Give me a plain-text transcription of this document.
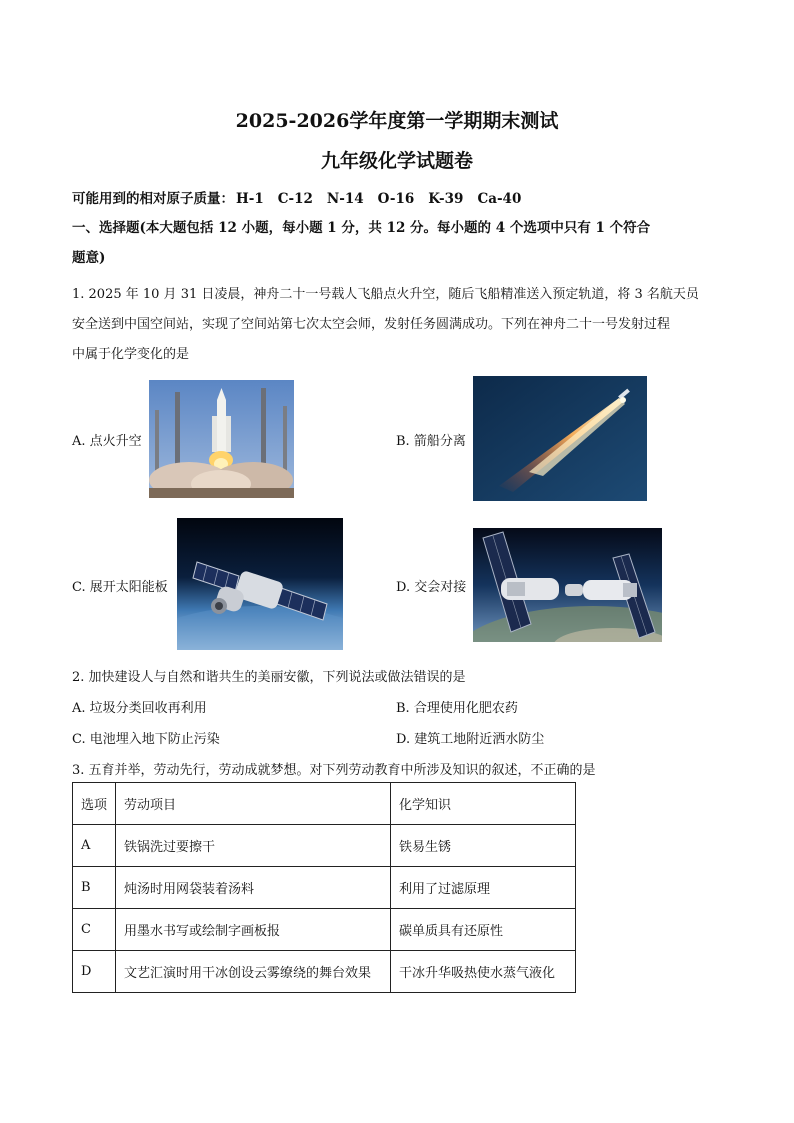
2025-2026学年度第一学期期末测试
九年级化学试题卷
可能用到的相对原子质量： H-1 C-12 N-14 O-16 K-39 Ca-40
一、选择题(本大题包括 12 小题，每小题 1 分，共 12 分。每小题的 4 个选项中只有 1 个符合
题意)
1. 2025 年 10 月 31 日凌晨，神舟二十一号载人飞船点火升空，随后飞船精准送入预定轨道，将 3 名航天员
安全送到中国空间站，实现了空间站第七次太空会师，发射任务圆满成功。下列在神舟二十一号发射过程
中属于化学变化的是
A. 点火升空	B. 箭船分离
C. 展开太阳能板	D. 交会对接
2. 加快建设人与自然和谐共生的美丽安徽，下列说法或做法错误的是
A. 垃圾分类回收再利用	B. 合理使用化肥农药
C. 电池埋入地下防止污染	D. 建筑工地附近洒水防尘
3. 五育并举，劳动先行，劳动成就梦想。对下列劳动教育中所涉及知识的叙述，不正确的是
选项	劳动项目	化学知识
A	铁锅洗过要擦干	铁易生锈
B	炖汤时用网袋装着汤料	利用了过滤原理
C	用墨水书写或绘制字画板报	碳单质具有还原性
D	文艺汇演时用干冰创设云雾缭绕的舞台效果	干冰升华吸热使水蒸气液化
